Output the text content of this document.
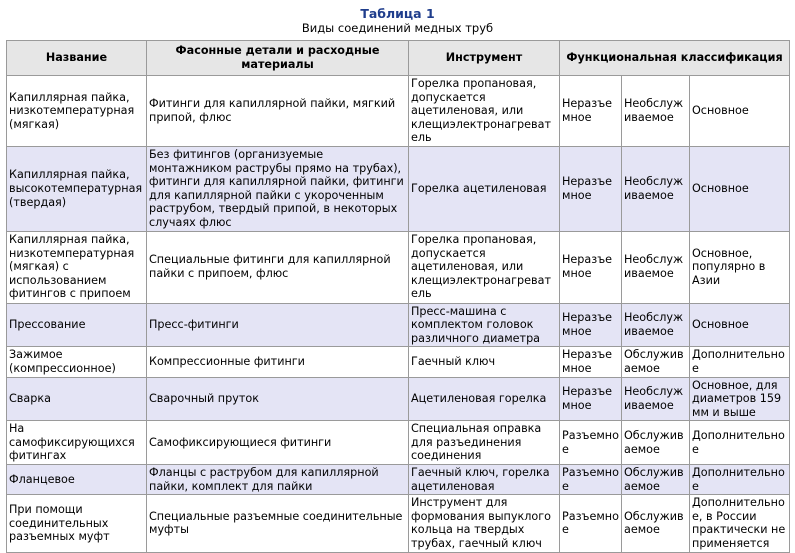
Таблица 1
Виды соединений медных труб
Название	Фасонные детали и расходные материалы	Инструмент	Функциональная классификация		
Капиллярная пайка, низкотемпературная (мягкая)	Фитинги для капиллярной пайки, мягкий припой, флюс	Горелка пропановая, допускается ацетиленовая, или клещиэлектронагреватель	Неразъемное	Необслуживаемое	Основное
Капиллярная пайка, высокотемпературная (твердая)	Без фитингов (организуемые монтажником раструбы прямо на трубах), фитинги для капиллярной пайки, фитинги для капиллярной пайки с укороченным раструбом, твердый припой, в некоторых случаях флюс	Горелка ацетиленовая	Неразъемное	Необслуживаемое	Основное
Капиллярная пайка, низкотемпературная (мягкая) с использованием фитингов с припоем	Специальные фитинги для капиллярной пайки с припоем, флюс	Горелка пропановая, допускается ацетиленовая, или клещиэлектронагреватель	Неразъемное	Необслуживаемое	Основное, популярно в Азии
Прессование	Пресс-фитинги	Пресс-машина с комплектом головок различного диаметра	Неразъемное	Необслуживаемое	Основное
Зажимое (компрессионное)	Компрессионные фитинги	Гаечный ключ	Неразъемное	Обслуживаемое	Дополнительное
Сварка	Сварочный пруток	Ацетиленовая горелка	Неразъемное	Необслуживаемое	Основное, для диаметров 159 мм и выше
На самофиксирующихся фитингах	Самофиксирующиеся фитинги	Специальная оправка для разъединения соединения	Разъемное	Обслуживаемое	Дополнительное
Фланцевое	Фланцы с раструбом для капиллярной пайки, комплект для пайки	Гаечный ключ, горелка ацетиленовая	Разъемное	Обслуживаемое	Дополнительное
При помощи соединительных разъемных муфт	Специальные разъемные соединительные муфты	Инструмент для формования выпуклого кольца на твердых трубах, гаечный ключ	Разъемное	Обслуживаемое	Дополнительное, в России практически не применяется
